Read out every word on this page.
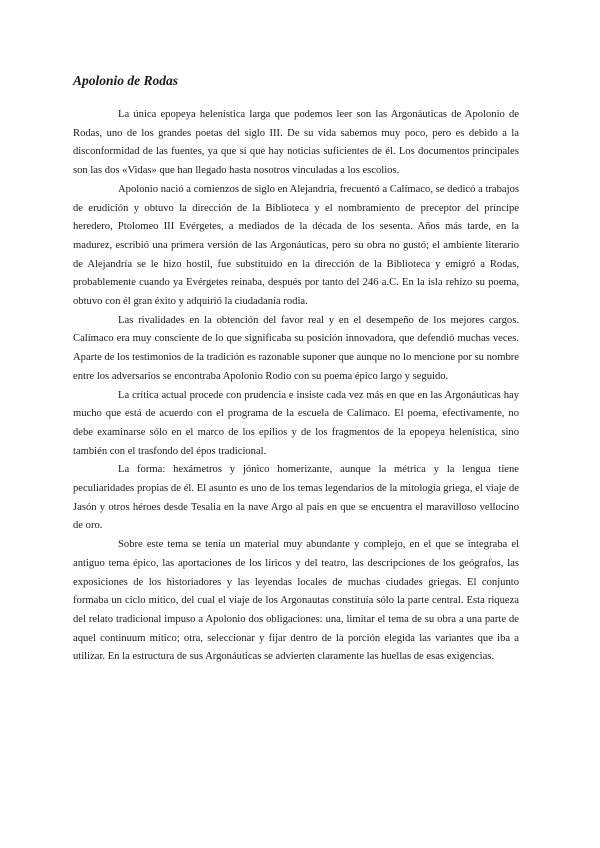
Apolonio de Rodas

La única epopeya helenística larga que podemos leer son las Argonáuticas de Apolonio de Rodas, uno de los grandes poetas del siglo III. De su vida sabemos muy poco, pero es debido a la disconformidad de las fuentes, ya que sí que hay noticias suficientes de él. Los documentos principales son las dos «Vidas» que han llegado hasta nosotros vinculadas a los escolios.

Apolonio nació a comienzos de siglo en Alejandría, frecuentó a Calímaco, se dedicó a trabajos de erudición y obtuvo la dirección de la Biblioteca y el nombramiento de preceptor del príncipe heredero, Ptolomeo III Evérgetes, a mediados de la década de los sesenta. Años más tarde, en la madurez, escribió una primera versión de las Argonáuticas, pero su obra no gustó; el ambiente literario de Alejandría se le hizo hostil, fue substituido en la dirección de la Biblioteca y emigró a Rodas, probablemente cuando ya Evérgetes reinaba, después por tanto del 246 a.C. En la isla rehízo su poema, obtuvo con él gran éxito y adquirió la ciudadanía rodia.

Las rivalidades en la obtención del favor real y en el desempeño de los mejores cargos. Calímaco era muy consciente de lo que significaba su posición innovadora, que defendió muchas veces. Aparte de los testimonios de la tradición es razonable suponer que aunque no lo mencione por su nombre entre los adversarios se encontraba Apolonio Rodio con su poema épico largo y seguido.

La crítica actual procede con prudencia e insiste cada vez más en que en las Argonáuticas hay mucho que está de acuerdo con el programa de la escuela de Calímaco. El poema, efectivamente, no debe examinarse sólo en el marco de los epilios y de los fragmentos de la epopeya helenística, sino también con el trasfondo del épos tradicional.

La forma: hexámetros y jónico homerizante, aunque la métrica y la lengua tiene peculiaridades propias de él. El asunto es uno de los temas legendarios de la mitología griega, el viaje de Jasón y otros héroes desde Tesalia en la nave Argo al país en que se encuentra el maravilloso vellocino de oro.

Sobre este tema se tenía un material muy abundante y complejo, en el que se integraba el antiguo tema épico, las aportaciones de los líricos y del teatro, las descripciones de los geógrafos, las exposiciones de los historiadores y las leyendas locales de muchas ciudades griegas. El conjunto formaba un ciclo mítico, del cual el viaje de los Argonautas constituía sólo la parte central. Esta riqueza del relato tradicional impuso a Apolonio dos obligaciones: una, limitar el tema de su obra a una parte de aquel continuum mítico; otra, seleccionar y fijar dentro de la porción elegida las variantes que iba a utilizar. En la estructura de sus Argonáuticas se advierten claramente las huellas de esas exigencias.
